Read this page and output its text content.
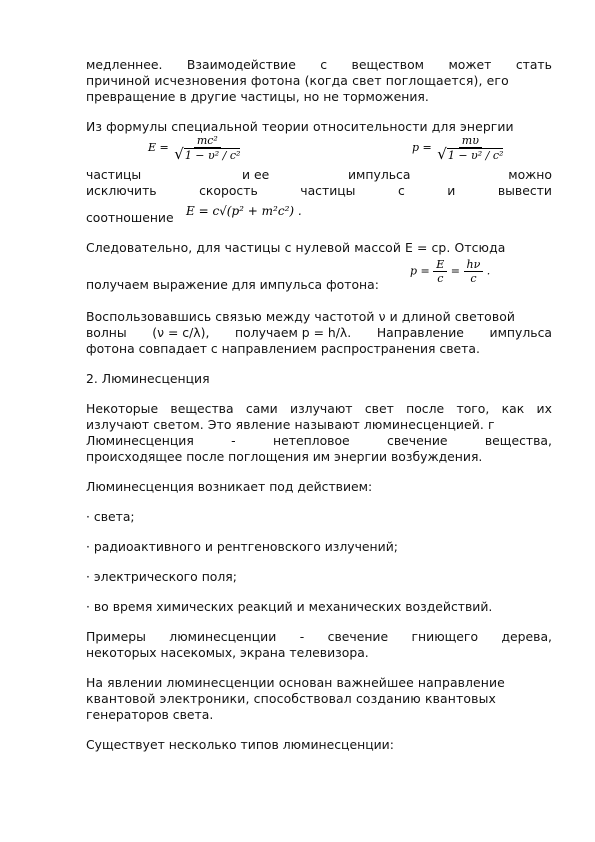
медленнее. Взаимодействие с веществом может стать
причиной исчезновения фотона (когда свет поглощается), его
превращение в другие частицы, но не торможения.
Из формулы специальной теории относительности для энергии
$E = \frac{\text{mc²}}{\text{√1 − υ² / c²}}$	$p = \frac{m\upsilon}{\text{√1 − υ² / c²}}$
частицы	и ее	импульса	можно
исключить	скорость	частицы	с	и	вывести
соотношение	E = c√(p² + m²c²) .
Следовательно, для частицы с нулевой массой E = cp. Отсюда
получаем выражение для импульса фотона:
$p = \frac{E}{c} = \frac{h\nu}{c}$ .
Воспользовавшись связью между частотой ν и длиной световой
волны (ν = c/λ), получаем p = h/λ. Направление импульса
фотона совпадает с направлением распространения света.
2. Люминесценция
Некоторые вещества сами излучают свет после того, как их
излучают светом. Это явление называют люминесценцией. г
Люминесценция	-	нетепловое	свечение	вещества,
происходящее после поглощения им энергии возбуждения.
Люминесценция возникает под действием:
· света;
· радиоактивного и рентгеновского излучений;
· электрического поля;
· во время химических реакций и механических воздействий.
Примеры люминесценции - свечение гниющего дерева,
некоторых насекомых, экрана телевизора.
На явлении люминесценции основан важнейшее направление
квантовой электроники, способствовал созданию квантовых
генераторов света.
Существует несколько типов люминесценции:
